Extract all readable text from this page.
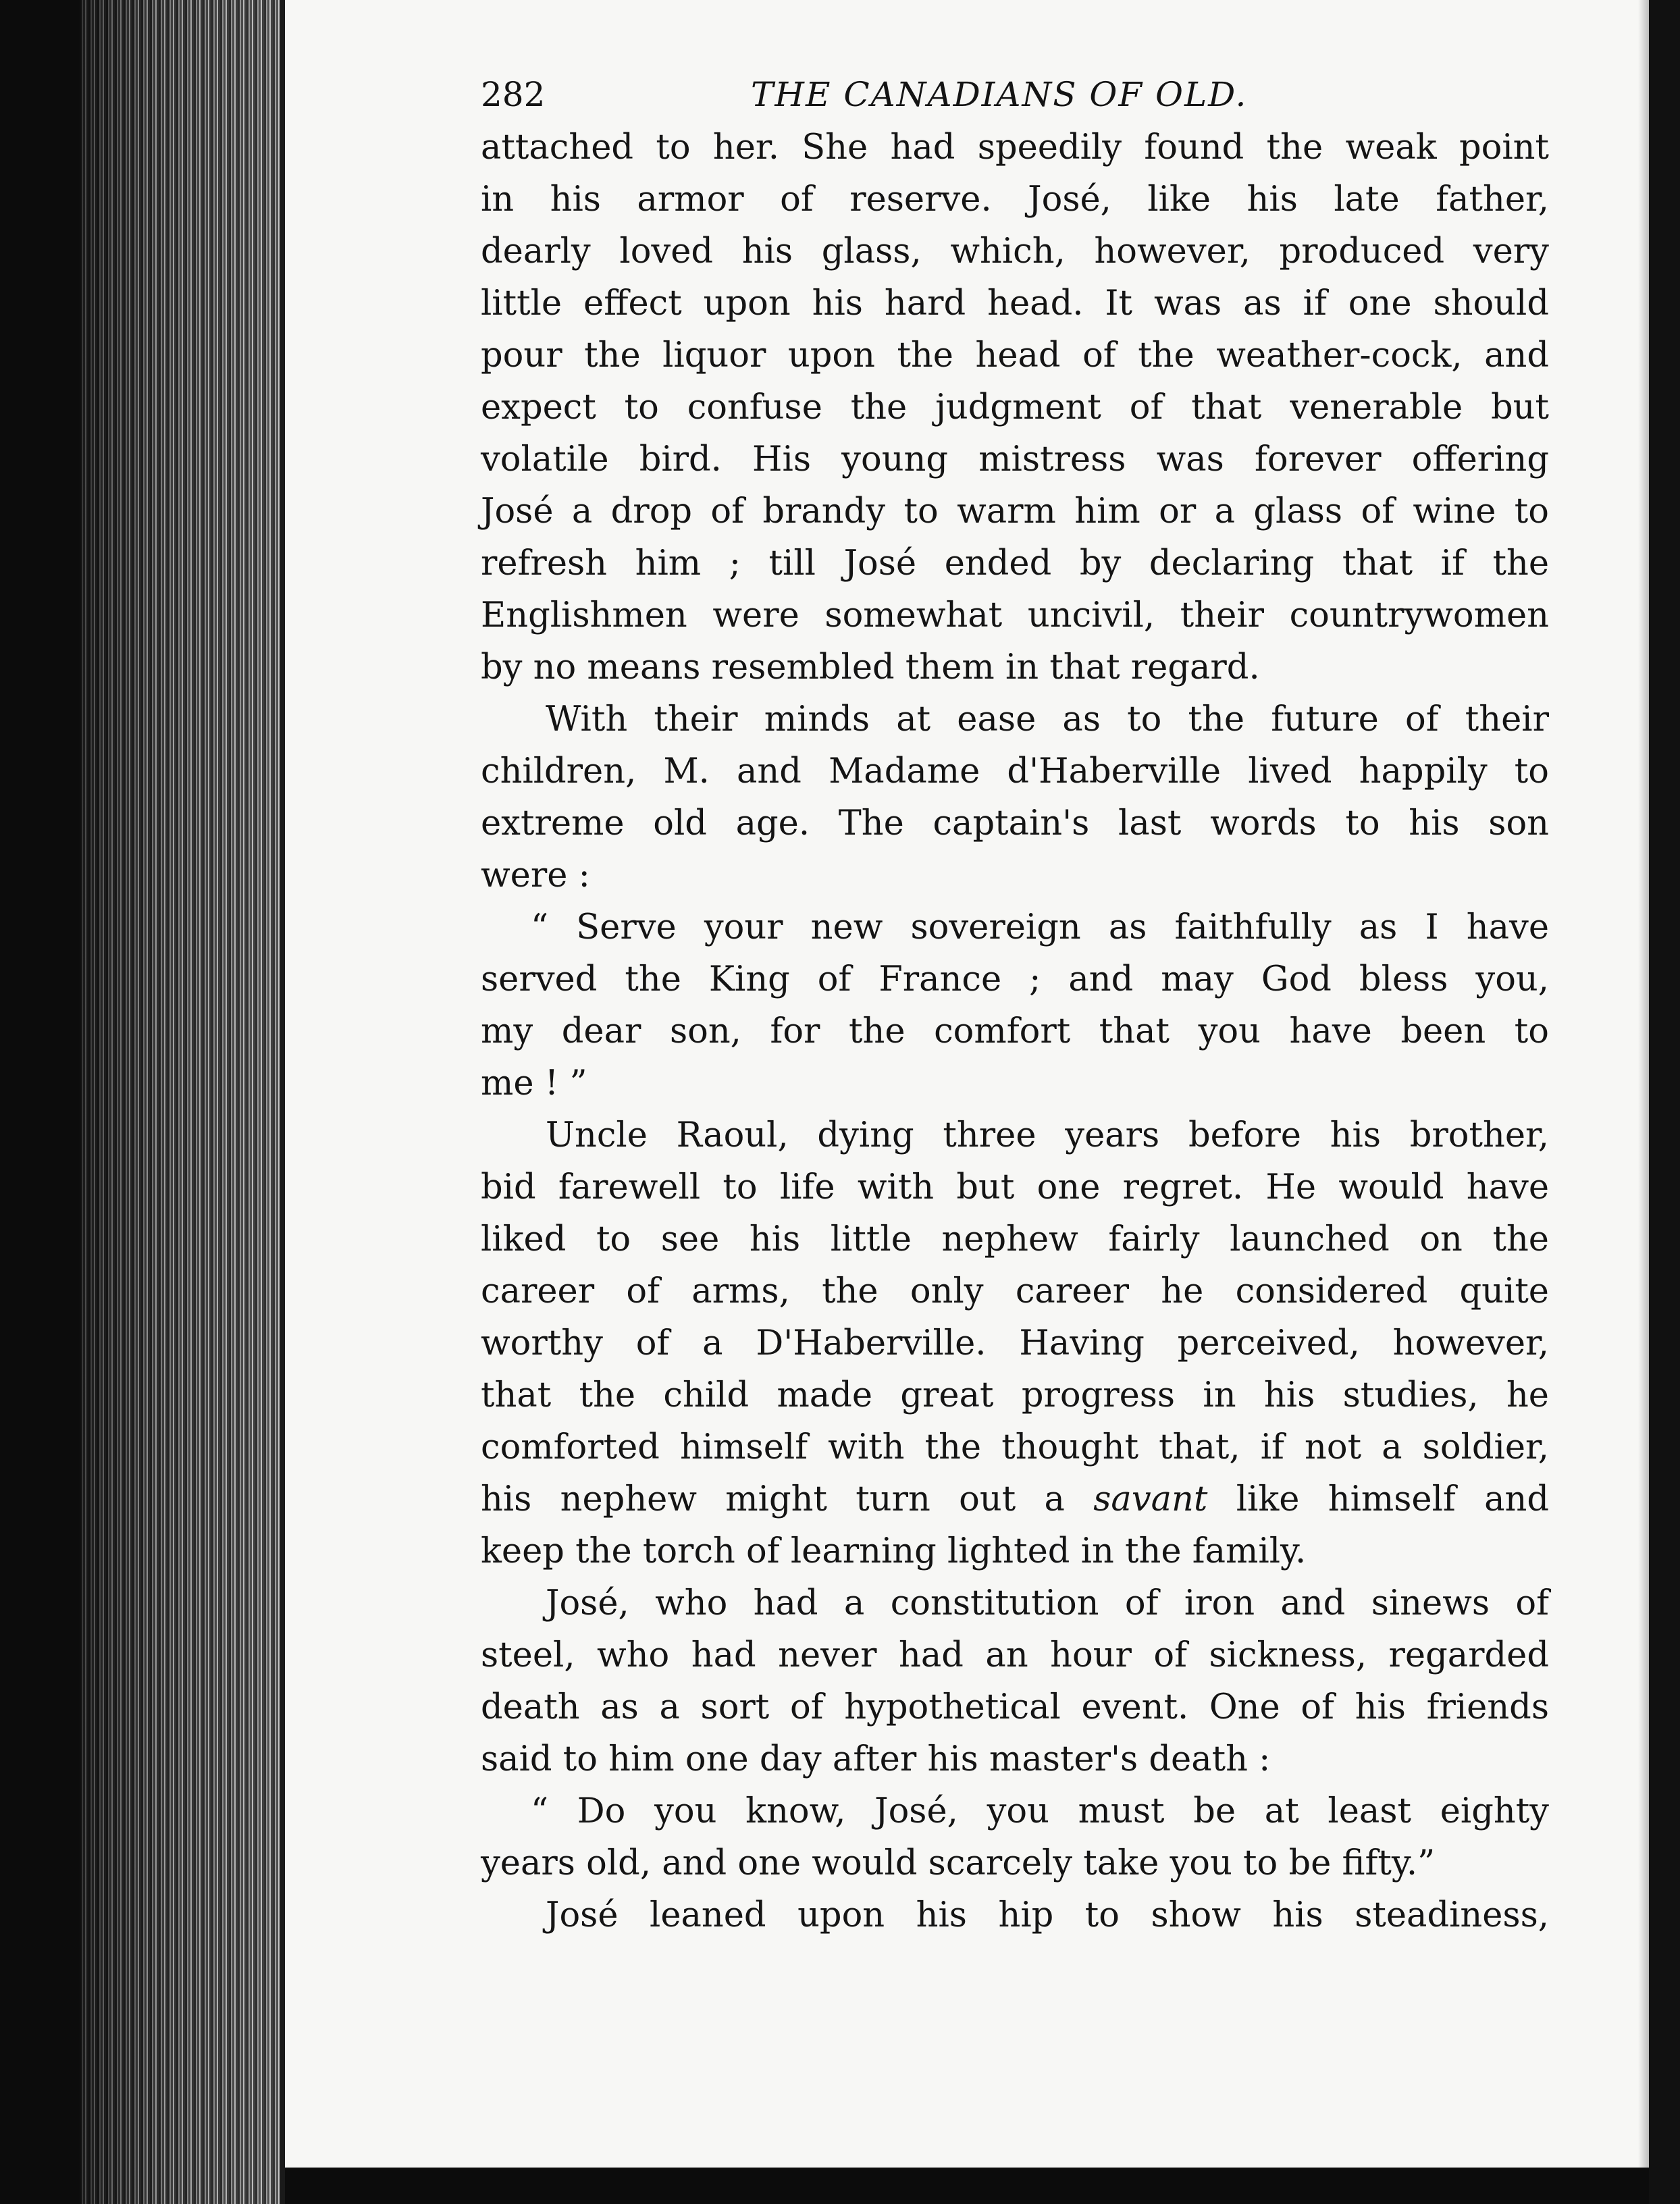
282	THE CANADIANS OF OLD.
attached to her. She had speedily found the weak point
in his armor of reserve. José, like his late father,
dearly loved his glass, which, however, produced very
little effect upon his hard head. It was as if one should
pour the liquor upon the head of the weather-cock, and
expect to confuse the judgment of that venerable but
volatile bird. His young mistress was forever offering
José a drop of brandy to warm him or a glass of wine to
refresh him ; till José ended by declaring that if the
Englishmen were somewhat uncivil, their countrywomen
by no means resembled them in that regard.
With their minds at ease as to the future of their
children, M. and Madame d'Haberville lived happily to
extreme old age. The captain's last words to his son
were :
“ Serve your new sovereign as faithfully as I have
served the King of France ; and may God bless you,
my dear son, for the comfort that you have been to
me ! ”
Uncle Raoul, dying three years before his brother,
bid farewell to life with but one regret. He would have
liked to see his little nephew fairly launched on the
career of arms, the only career he considered quite
worthy of a D'Haberville. Having perceived, however,
that the child made great progress in his studies, he
comforted himself with the thought that, if not a soldier,
his nephew might turn out a savant like himself and
keep the torch of learning lighted in the family.
José, who had a constitution of iron and sinews of
steel, who had never had an hour of sickness, regarded
death as a sort of hypothetical event. One of his friends
said to him one day after his master's death :
“ Do you know, José, you must be at least eighty
years old, and one would scarcely take you to be fifty.”
José leaned upon his hip to show his steadiness,
